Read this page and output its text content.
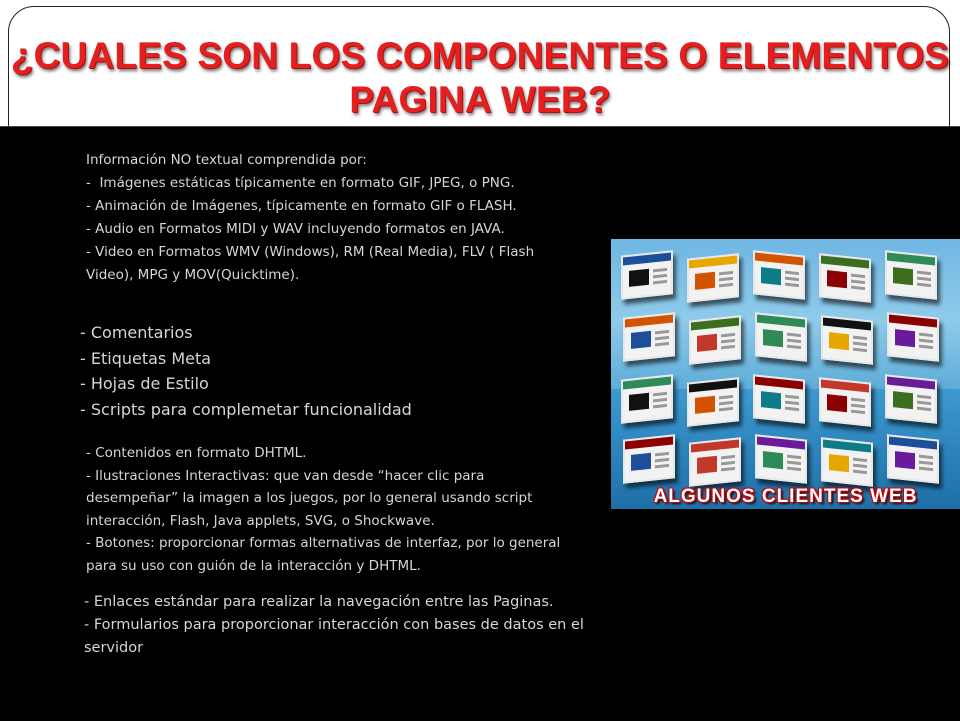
¿CUALES SON LOS COMPONENTES O ELEMENTOS
PAGINA WEB?
Información NO textual comprendida por:
-  Imágenes estáticas típicamente en formato GIF, JPEG, o PNG.
- Animación de Imágenes, típicamente en formato GIF o FLASH.
- Audio en Formatos MIDI y WAV incluyendo formatos en JAVA.
- Video en Formatos WMV (Windows), RM (Real Media), FLV ( Flash
Video), MPG y MOV(Quicktime).
- Comentarios
- Etiquetas Meta
- Hojas de Estilo
- Scripts para complemetar funcionalidad
- Contenidos en formato DHTML.
- Ilustraciones Interactivas: que van desde “hacer clic para
desempeñar” la imagen a los juegos, por lo general usando script
interacción, Flash, Java applets, SVG, o Shockwave.
- Botones: proporcionar formas alternativas de interfaz, por lo general
para su uso con guión de la interacción y DHTML.
- Enlaces estándar para realizar la navegación entre las Paginas.
- Formularios para proporcionar interacción con bases de datos en el
servidor
ALGUNOS CLIENTES WEB
